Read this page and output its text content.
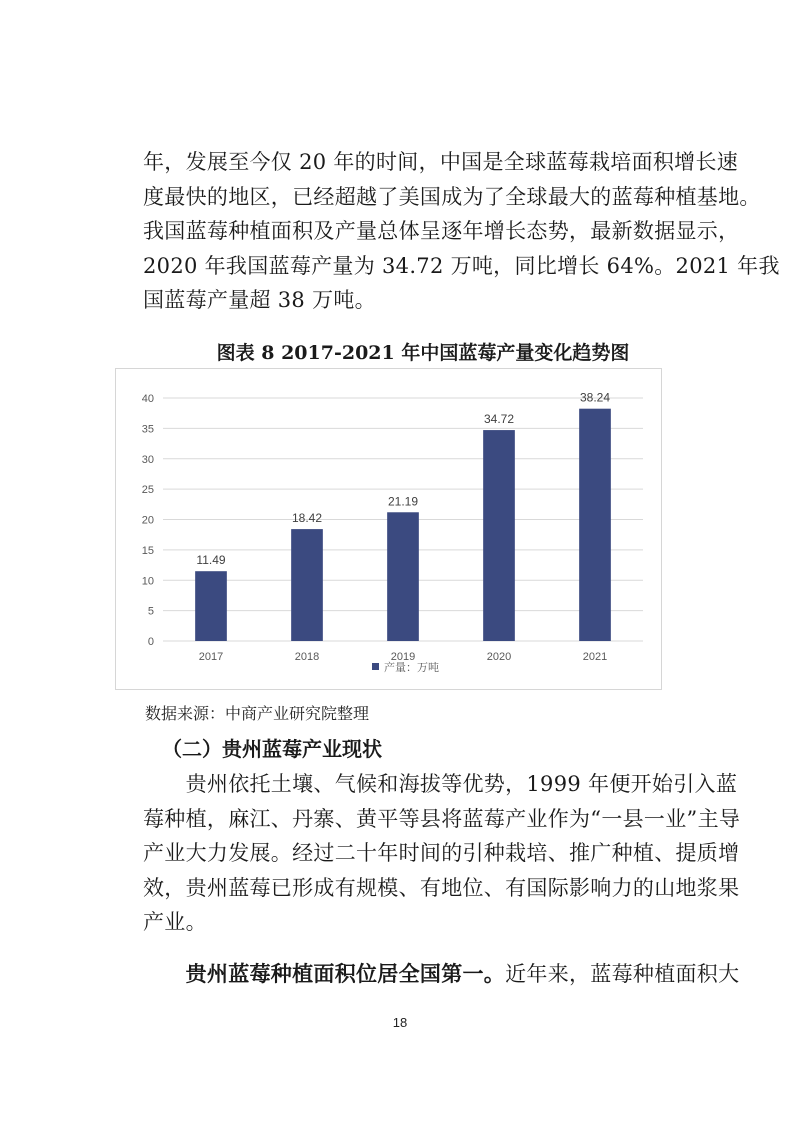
年，发展至今仅 20 年的时间，中国是全球蓝莓栽培面积增长速
度最快的地区，已经超越了美国成为了全球最大的蓝莓种植基地。
我国蓝莓种植面积及产量总体呈逐年增长态势，最新数据显示，
2020 年我国蓝莓产量为 34.72 万吨，同比增长 64%。2021 年我
国蓝莓产量超 38 万吨。

图表 8 2017-2021 年中国蓝莓产量变化趋势图
0
5
10
15
20
25
30
35
40
11.49
2017
18.42
2018
21.19
2019
34.72
2020
38.24
2021
产量：万吨
数据来源：中商产业研究院整理
（二）贵州蓝莓产业现状

　　贵州依托土壤、气候和海拔等优势，1999 年便开始引入蓝
莓种植，麻江、丹寨、黄平等县将蓝莓产业作为“一县一业”主导
产业大力发展。经过二十年时间的引种栽培、推广种植、提质增
效，贵州蓝莓已形成有规模、有地位、有国际影响力的山地浆果
产业。

　　贵州蓝莓种植面积位居全国第一。近年来，蓝莓种植面积大

18
